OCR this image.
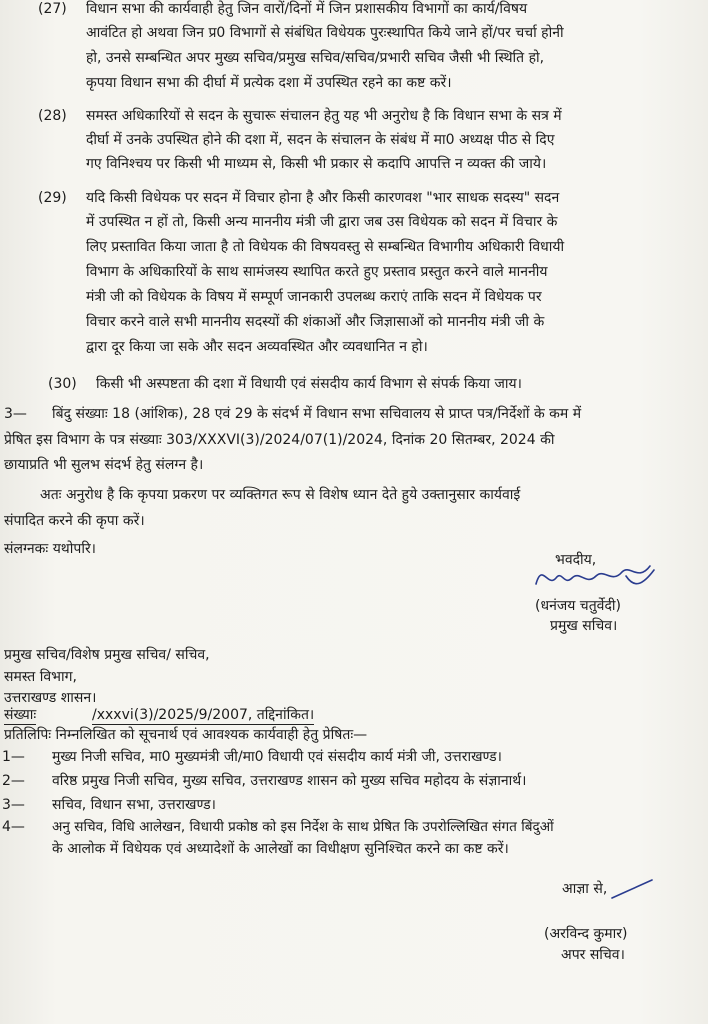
(27) विधान सभा की कार्यवाही हेतु जिन वारों/दिनों में जिन प्रशासकीय विभागों का कार्य/विषय
आवंटित हो अथवा जिन प्र0 विभागों से संबंधित विधेयक पुरःस्थापित किये जाने हों/पर चर्चा होनी
हो, उनसे सम्बन्धित अपर मुख्य सचिव/प्रमुख सचिव/सचिव/प्रभारी सचिव जैसी भी स्थिति हो,
कृपया विधान सभा की दीर्घा में प्रत्येक दशा में उपस्थित रहने का कष्ट करें।
(28) समस्त अधिकारियों से सदन के सुचारू संचालन हेतु यह भी अनुरोध है कि विधान सभा के सत्र में
दीर्घा में उनके उपस्थित होने की दशा में, सदन के संचालन के संबंध में मा0 अध्यक्ष पीठ से दिए
गए विनिश्चय पर किसी भी माध्यम से, किसी भी प्रकार से कदापि आपत्ति न व्यक्त की जाये।
(29) यदि किसी विधेयक पर सदन में विचार होना है और किसी कारणवश "भार साधक सदस्य" सदन
में उपस्थित न हों तो, किसी अन्य माननीय मंत्री जी द्वारा जब उस विधेयक को सदन में विचार के
लिए प्रस्तावित किया जाता है तो विधेयक की विषयवस्तु से सम्बन्धित विभागीय अधिकारी विधायी
विभाग के अधिकारियों के साथ सामंजस्य स्थापित करते हुए प्रस्ताव प्रस्तुत करने वाले माननीय
मंत्री जी को विधेयक के विषय में सम्पूर्ण जानकारी उपलब्ध कराएं ताकि सदन में विधेयक पर
विचार करने वाले सभी माननीय सदस्यों की शंकाओं और जिज्ञासाओं को माननीय मंत्री जी के
द्वारा दूर किया जा सके और सदन अव्यवस्थित और व्यवधानित न हो।
(30) किसी भी अस्पष्टता की दशा में विधायी एवं संसदीय कार्य विभाग से संपर्क किया जाय।
3— बिंदु संख्याः 18 (आंशिक), 28 एवं 29 के संदर्भ में विधान सभा सचिवालय से प्राप्त पत्र/निर्देशों के कम में
प्रेषित इस विभाग के पत्र संख्याः 303/XXXVI(3)/2024/07(1)/2024, दिनांक 20 सितम्बर, 2024 की
छायाप्रति भी सुलभ संदर्भ हेतु संलग्न है।
अतः अनुरोध है कि कृपया प्रकरण पर व्यक्तिगत रूप से विशेष ध्यान देते हुये उक्तानुसार कार्यवाई
संपादित करने की कृपा करें।
संलग्नकः यथोपरि।
भवदीय,
(धनंजय चतुर्वेदी)
प्रमुख सचिव।
प्रमुख सचिव/विशेष प्रमुख सचिव/ सचिव,
समस्त विभाग,
उत्तराखण्ड शासन।
संख्याः	/xxxvi(3)/2025/9/2007, तद्दिनांकित।
प्रतिलिपिः निम्नलिखित को सूचनार्थ एवं आवश्यक कार्यवाही हेतु प्रेषितः—
1— मुख्य निजी सचिव, मा0 मुख्यमंत्री जी/मा0 विधायी एवं संसदीय कार्य मंत्री जी, उत्तराखण्ड।
2— वरिष्ठ प्रमुख निजी सचिव, मुख्य सचिव, उत्तराखण्ड शासन को मुख्य सचिव महोदय के संज्ञानार्थ।
3— सचिव, विधान सभा, उत्तराखण्ड।
4— अनु सचिव, विधि आलेखन, विधायी प्रकोष्ठ को इस निर्देश के साथ प्रेषित कि उपरोल्लिखित संगत बिंदुओं
के आलोक में विधेयक एवं अध्यादेशों के आलेखों का विधीक्षण सुनिश्चित करने का कष्ट करें।
आज्ञा से,
(अरविन्द कुमार)
अपर सचिव।
